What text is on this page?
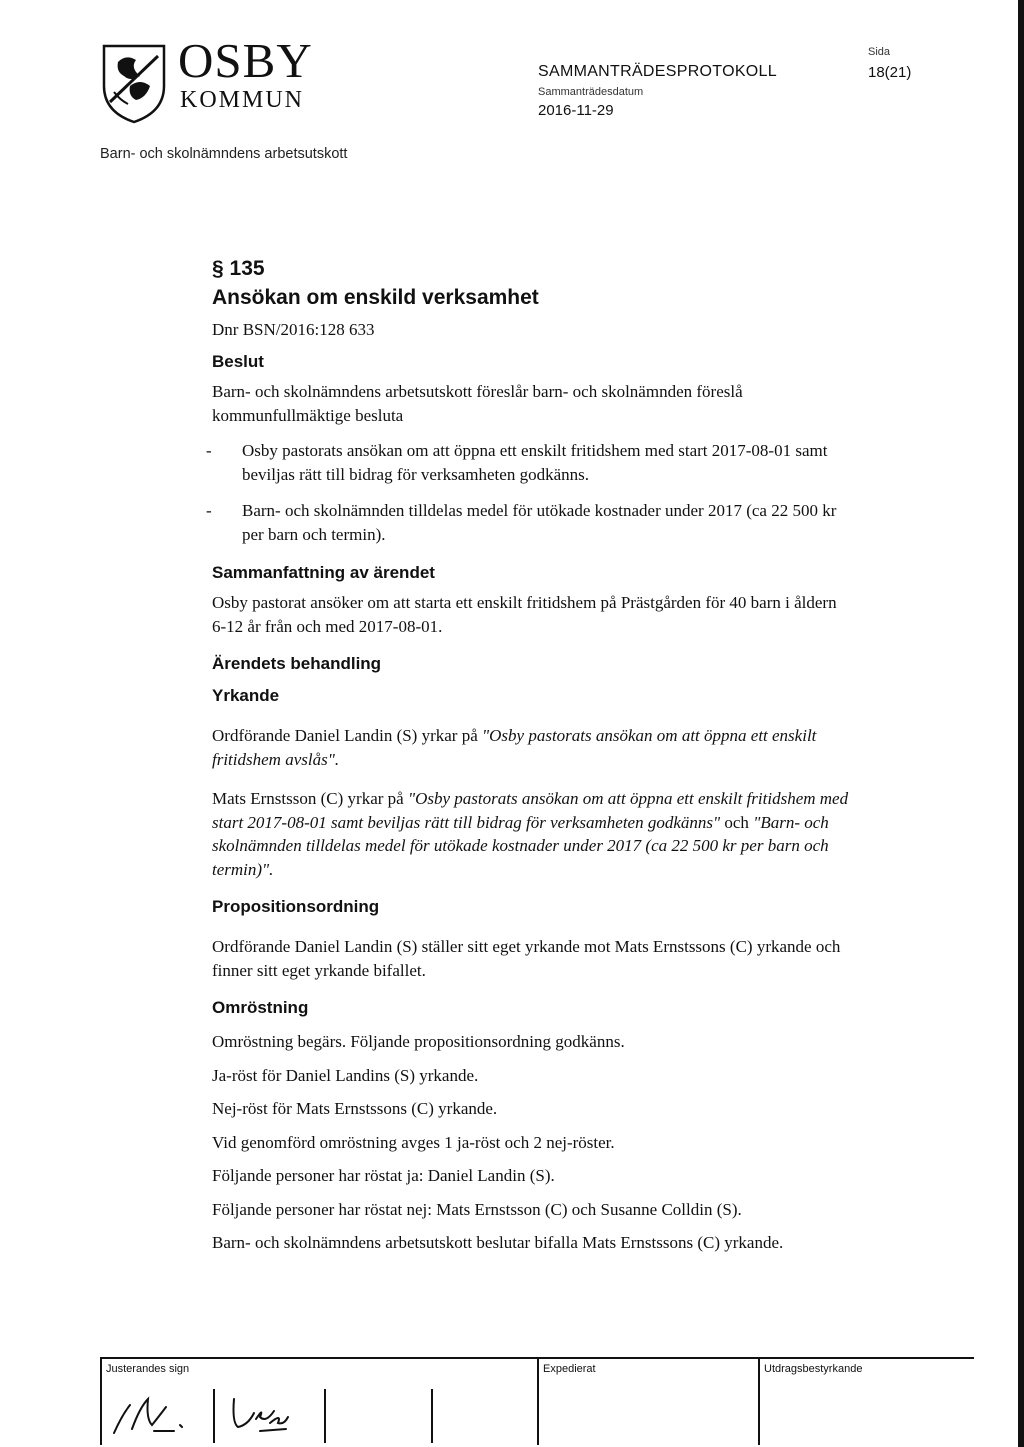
OSBY
KOMMUN
SAMMANTRÄDESPROTOKOLL
Sammanträdesdatum
2016-11-29
Sida
18(21)
Barn- och skolnämndens arbetsutskott
§ 135
Ansökan om enskild verksamhet
Dnr BSN/2016:128 633
Beslut
Barn- och skolnämndens arbetsutskott föreslår barn- och skolnämnden föreslå kommunfullmäktige besluta
- Osby pastorats ansökan om att öppna ett enskilt fritidshem med start 2017-08-01 samt beviljas rätt till bidrag för verksamheten godkänns.
- Barn- och skolnämnden tilldelas medel för utökade kostnader under 2017 (ca 22 500 kr per barn och termin).
Sammanfattning av ärendet
Osby pastorat ansöker om att starta ett enskilt fritidshem på Prästgården för 40 barn i åldern 6-12 år från och med 2017-08-01.
Ärendets behandling
Yrkande
Ordförande Daniel Landin (S) yrkar på "Osby pastorats ansökan om att öppna ett enskilt fritidshem avslås".
Mats Ernstsson (C) yrkar på "Osby pastorats ansökan om att öppna ett enskilt fritidshem med start 2017-08-01 samt beviljas rätt till bidrag för verksamheten godkänns" och "Barn- och skolnämnden tilldelas medel för utökade kostnader under 2017 (ca 22 500 kr per barn och termin)".
Propositionsordning
Ordförande Daniel Landin (S) ställer sitt eget yrkande mot Mats Ernstssons (C) yrkande och finner sitt eget yrkande bifallet.
Omröstning
Omröstning begärs. Följande propositionsordning godkänns.
Ja-röst för Daniel Landins (S) yrkande.
Nej-röst för Mats Ernstssons (C) yrkande.
Vid genomförd omröstning avges 1 ja-röst och 2 nej-röster.
Följande personer har röstat ja: Daniel Landin (S).
Följande personer har röstat nej: Mats Ernstsson (C) och Susanne Colldin (S).
Barn- och skolnämndens arbetsutskott beslutar bifalla Mats Ernstssons (C) yrkande.
Justerandes sign	Expedierat	Utdragsbestyrkande
